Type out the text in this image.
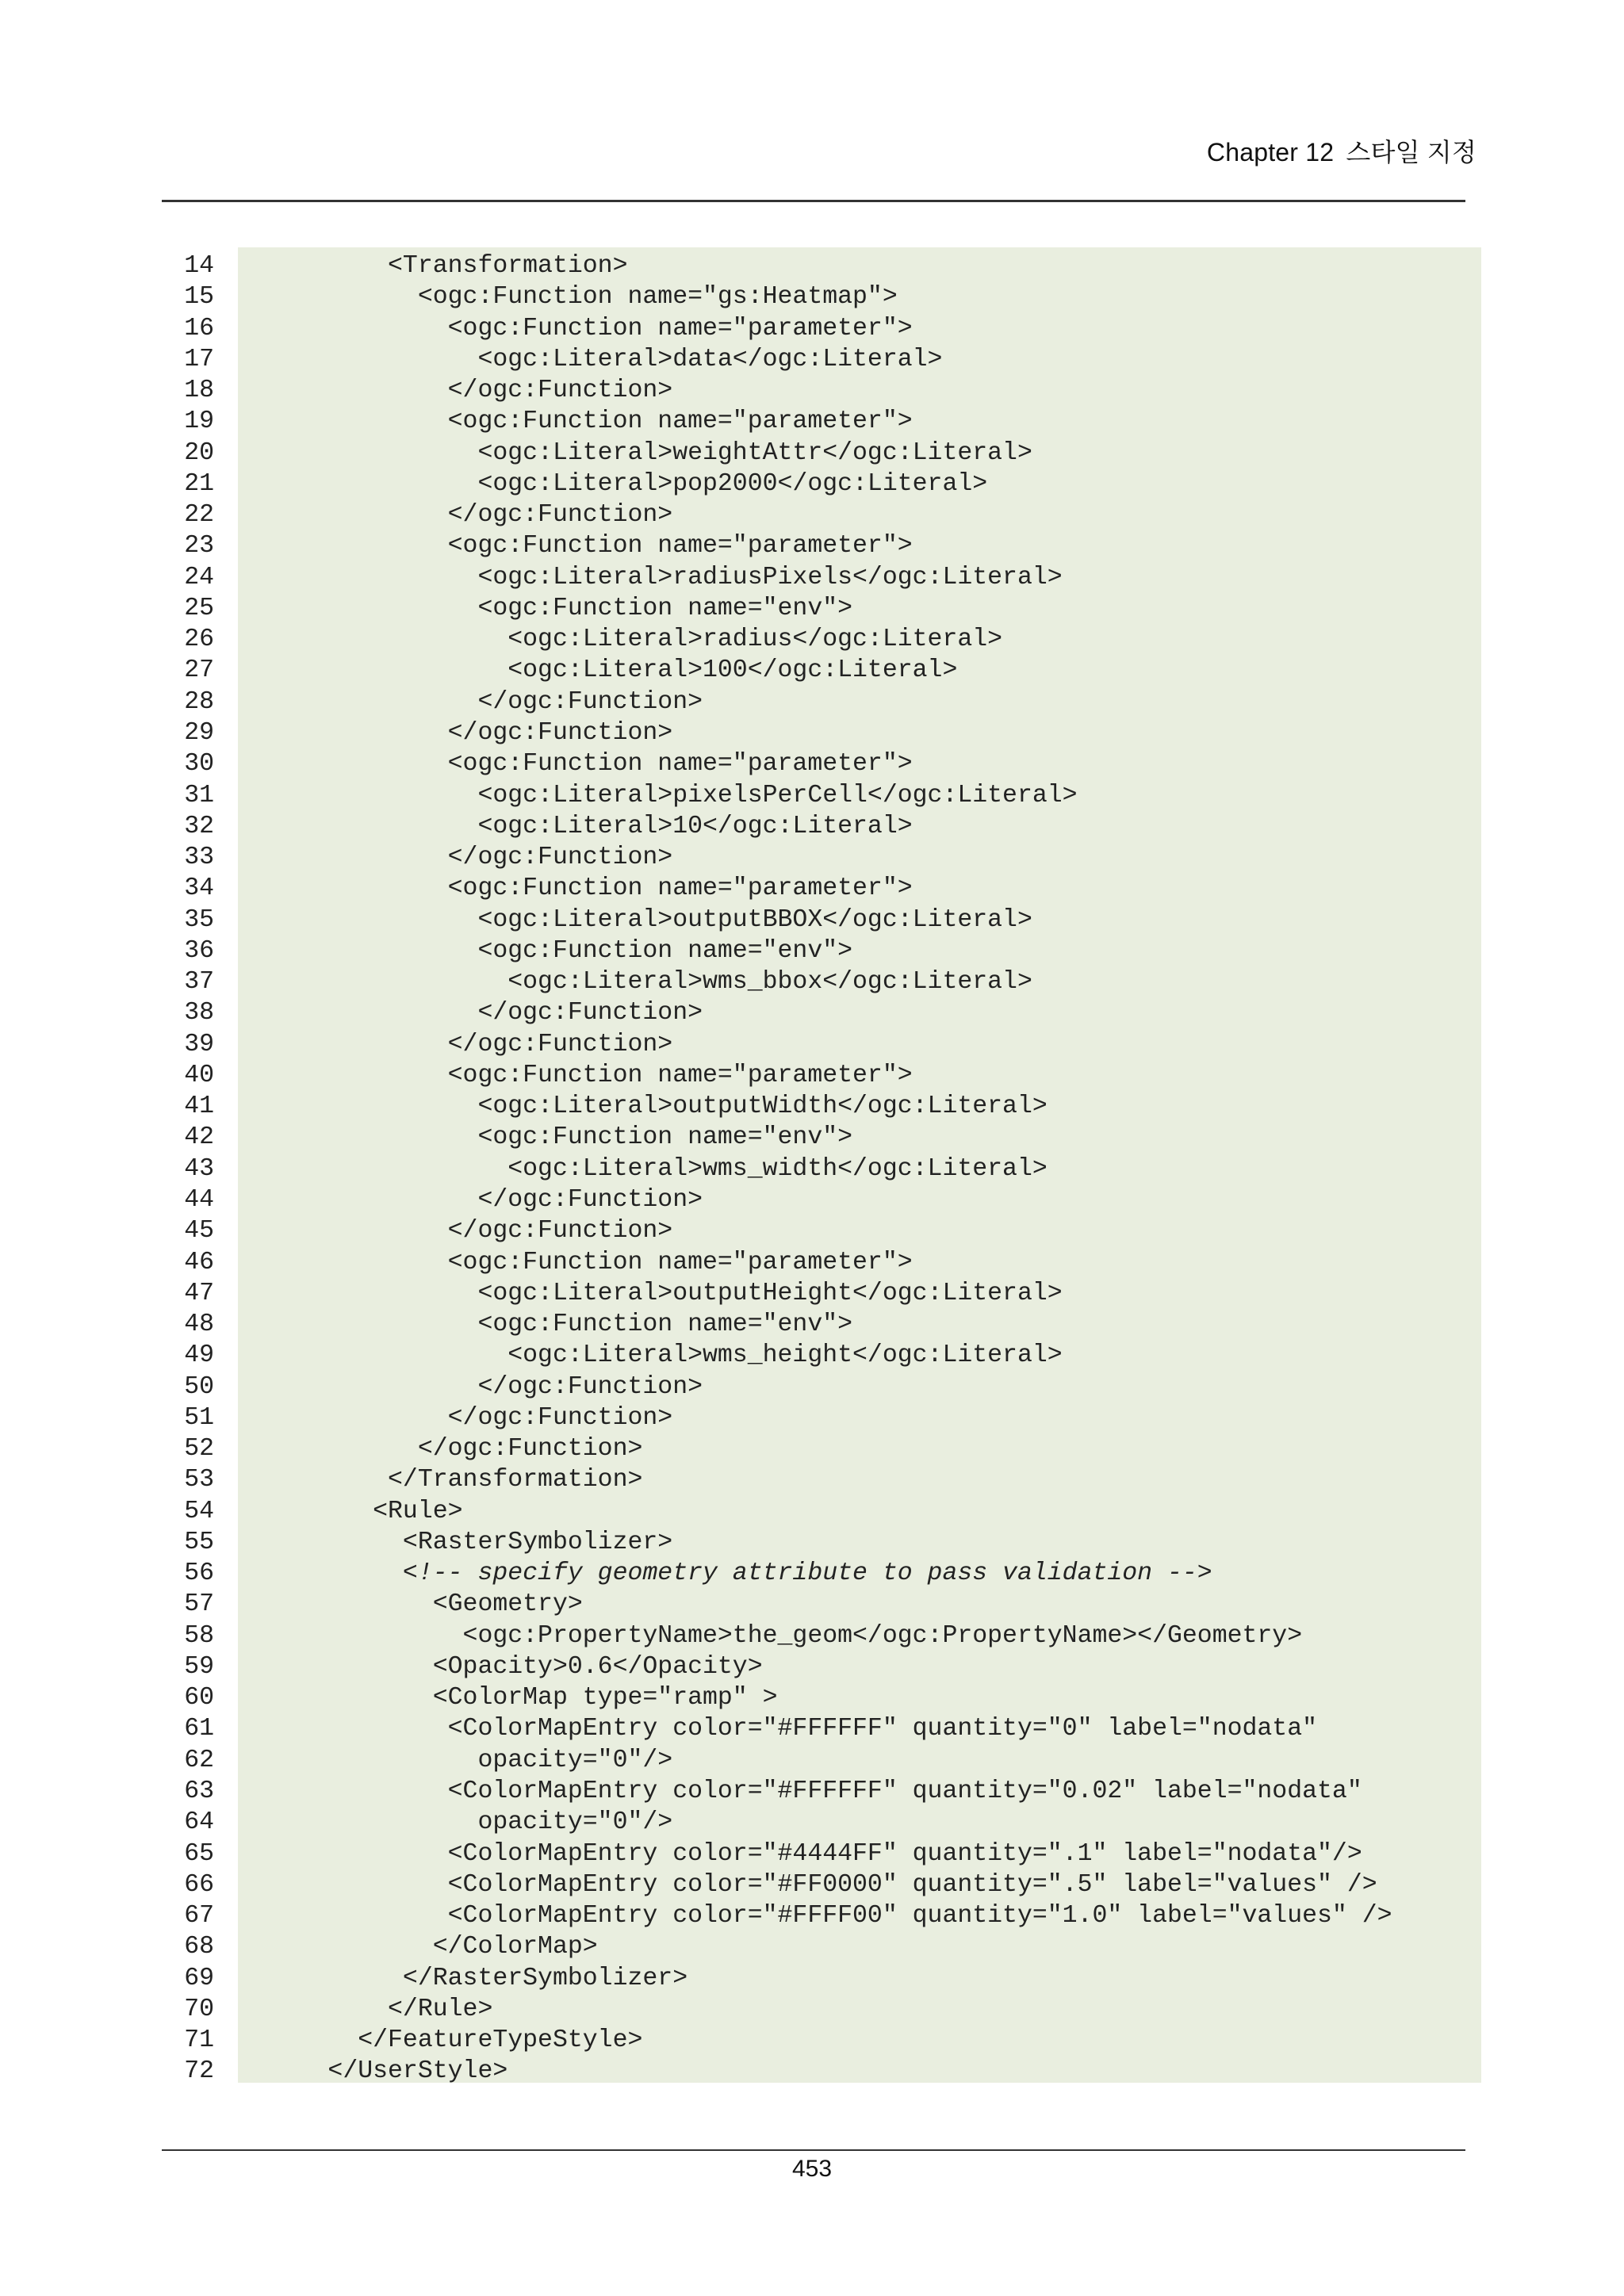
Chapter 12 스타일 지정
14
15
16
17
18
19
20
21
22
23
24
25
26
27
28
29
30
31
32
33
34
35
36
37
38
39
40
41
42
43
44
45
46
47
48
49
50
51
52
53
54
55
56
57
58
59
60
61
62
63
64
65
66
67
68
69
70
71
72
<Transformation>
<ogc:Function name="gs:Heatmap">
<ogc:Function name="parameter">
<ogc:Literal>data</ogc:Literal>
</ogc:Function>
<ogc:Function name="parameter">
<ogc:Literal>weightAttr</ogc:Literal>
<ogc:Literal>pop2000</ogc:Literal>
</ogc:Function>
<ogc:Function name="parameter">
<ogc:Literal>radiusPixels</ogc:Literal>
<ogc:Function name="env">
<ogc:Literal>radius</ogc:Literal>
<ogc:Literal>100</ogc:Literal>
</ogc:Function>
</ogc:Function>
<ogc:Function name="parameter">
<ogc:Literal>pixelsPerCell</ogc:Literal>
<ogc:Literal>10</ogc:Literal>
</ogc:Function>
<ogc:Function name="parameter">
<ogc:Literal>outputBBOX</ogc:Literal>
<ogc:Function name="env">
<ogc:Literal>wms_bbox</ogc:Literal>
</ogc:Function>
</ogc:Function>
<ogc:Function name="parameter">
<ogc:Literal>outputWidth</ogc:Literal>
<ogc:Function name="env">
<ogc:Literal>wms_width</ogc:Literal>
</ogc:Function>
</ogc:Function>
<ogc:Function name="parameter">
<ogc:Literal>outputHeight</ogc:Literal>
<ogc:Function name="env">
<ogc:Literal>wms_height</ogc:Literal>
</ogc:Function>
</ogc:Function>
</ogc:Function>
</Transformation>
<Rule>
<RasterSymbolizer>
<!-- specify geometry attribute to pass validation -->
<Geometry>
<ogc:PropertyName>the_geom</ogc:PropertyName></Geometry>
<Opacity>0.6</Opacity>
<ColorMap type="ramp" >
<ColorMapEntry color="#FFFFFF" quantity="0" label="nodata"
opacity="0"/>
<ColorMapEntry color="#FFFFFF" quantity="0.02" label="nodata"
opacity="0"/>
<ColorMapEntry color="#4444FF" quantity=".1" label="nodata"/>
<ColorMapEntry color="#FF0000" quantity=".5" label="values" />
<ColorMapEntry color="#FFFF00" quantity="1.0" label="values" />
</ColorMap>
</RasterSymbolizer>
</Rule>
</FeatureTypeStyle>
</UserStyle>
453
